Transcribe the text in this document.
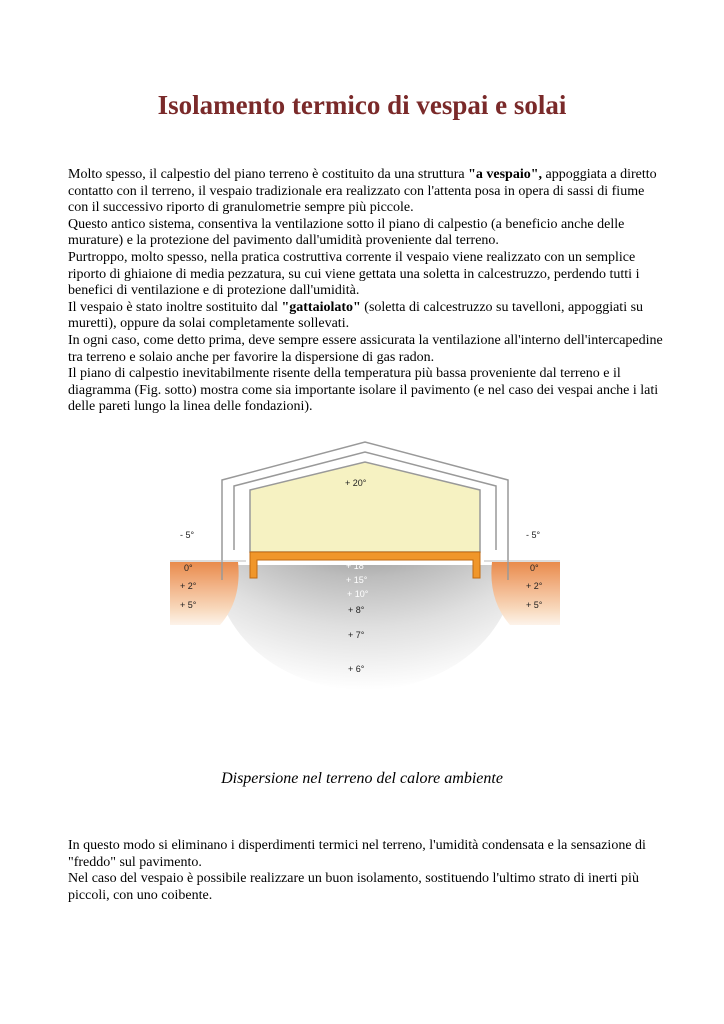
Isolamento termico di vespai e solai

Molto spesso, il calpestio del piano terreno è costituito da una struttura "a vespaio", appoggiata a diretto contatto con il terreno, il vespaio tradizionale era realizzato con l'attenta posa in opera di sassi di fiume con il successivo riporto di granulometrie sempre più piccole.

Questo antico sistema, consentiva la ventilazione sotto il piano di calpestio (a beneficio anche delle murature) e la protezione del pavimento dall'umidità proveniente dal terreno.

Purtroppo, molto spesso, nella pratica costruttiva corrente il vespaio viene realizzato con un semplice riporto di ghiaione di media pezzatura, su cui viene gettata una soletta in calcestruzzo, perdendo tutti i benefici di ventilazione e di protezione dall'umidità.

Il vespaio è stato inoltre sostituito dal "gattaiolato" (soletta di calcestruzzo su tavelloni, appoggiati su muretti), oppure da solai completamente sollevati.

In ogni caso, come detto prima, deve sempre essere assicurata la ventilazione all'interno dell'intercapedine tra terreno e solaio anche per favorire la dispersione di gas radon.

Il piano di calpestio inevitabilmente risente della temperatura più bassa proveniente dal terreno e il diagramma (Fig. sotto) mostra come sia importante isolare il pavimento (e nel caso dei vespai anche i lati delle pareti lungo la linea delle fondazioni).

+ 20°
- 5°
0°
+ 2°
+ 5°
- 5°
0°
+ 2°
+ 5°
+ 18°
+ 15°
+ 10°
+ 8°
+ 7°
+ 6°
Dispersione nel terreno del calore ambiente

In questo modo si eliminano i disperdimenti termici nel terreno, l'umidità condensata e la sensazione di "freddo" sul pavimento.

Nel caso del vespaio è possibile realizzare un buon isolamento, sostituendo l'ultimo strato di inerti più piccoli, con uno coibente.
